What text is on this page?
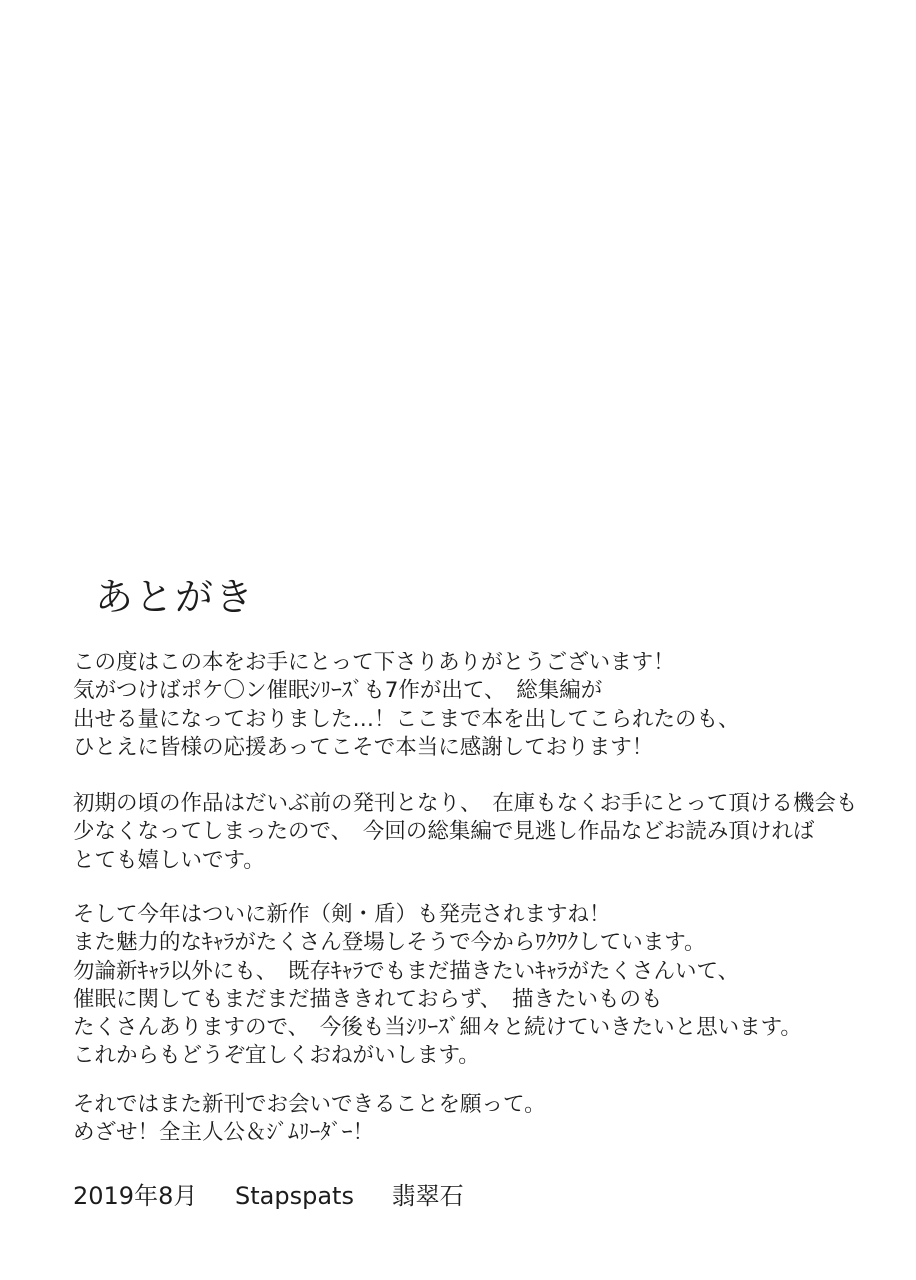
あとがき

この度はこの本をお手にとって下さりありがとうございます！
気がつけばポケ〇ン催眠ｼﾘｰｽﾞも7作が出て、　総集編が
出せる量になっておりました…！ここまで本を出してこられたのも、
ひとえに皆様の応援あってこそで本当に感謝しております！

初期の頃の作品はだいぶ前の発刊となり、　在庫もなくお手にとって頂ける機会も
少なくなってしまったので、　今回の総集編で見逃し作品などお読み頂ければ
とても嬉しいです。

そして今年はついに新作（剣・盾）も発売されますね！
また魅力的なｷｬﾗがたくさん登場しそうで今からﾜｸﾜｸしています。
勿論新ｷｬﾗ以外にも、　既存ｷｬﾗでもまだ描きたいｷｬﾗがたくさんいて、
催眠に関してもまだまだ描ききれておらず、　描きたいものも
たくさんありますので、　今後も当ｼﾘｰｽﾞ細々と続けていきたいと思います。
これからもどうぞ宜しくおねがいします。

それではまた新刊でお会いできることを願って。
めざせ！全主人公＆ｼﾞﾑﾘｰﾀﾞｰ！

2019年8月 Stapspats 翡翠石
